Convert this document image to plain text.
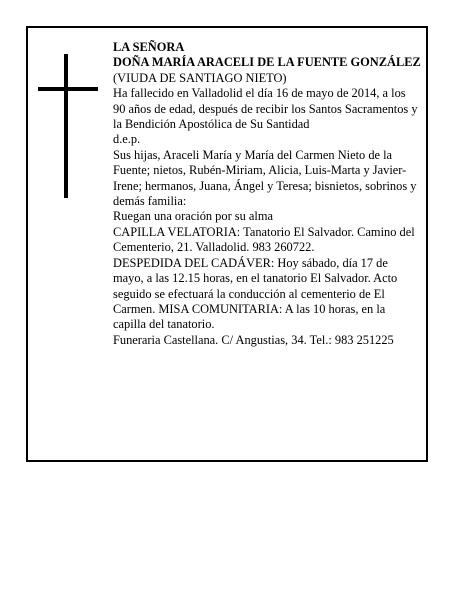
LA SEÑORA

DOÑA MARÍA ARACELI DE LA FUENTE GONZÁLEZ

(VIUDA DE SANTIAGO NIETO)

Ha fallecido en Valladolid el día 16 de mayo de 2014, a los 90 años de edad, después de recibir los Santos Sacramentos y la Bendición Apostólica de Su Santidad

d.e.p.

Sus hijas, Araceli María y María del Carmen Nieto de la Fuente; nietos, Rubén-Miriam, Alicia, Luis-Marta y Javier-Irene; hermanos, Juana, Ángel y Teresa; bisnietos, sobrinos y demás familia:

Ruegan una oración por su alma

CAPILLA VELATORIA: Tanatorio El Salvador. Camino del Cementerio, 21. Valladolid. 983 260722.

DESPEDIDA DEL CADÁVER: Hoy sábado, día 17 de mayo, a las 12.15 horas, en el tanatorio El Salvador. Acto seguido se efectuará la conducción al cementerio de El Carmen. MISA COMUNITARIA: A las 10 horas, en la capilla del tanatorio.

Funeraria Castellana. C/ Angustias, 34. Tel.: 983 251225
